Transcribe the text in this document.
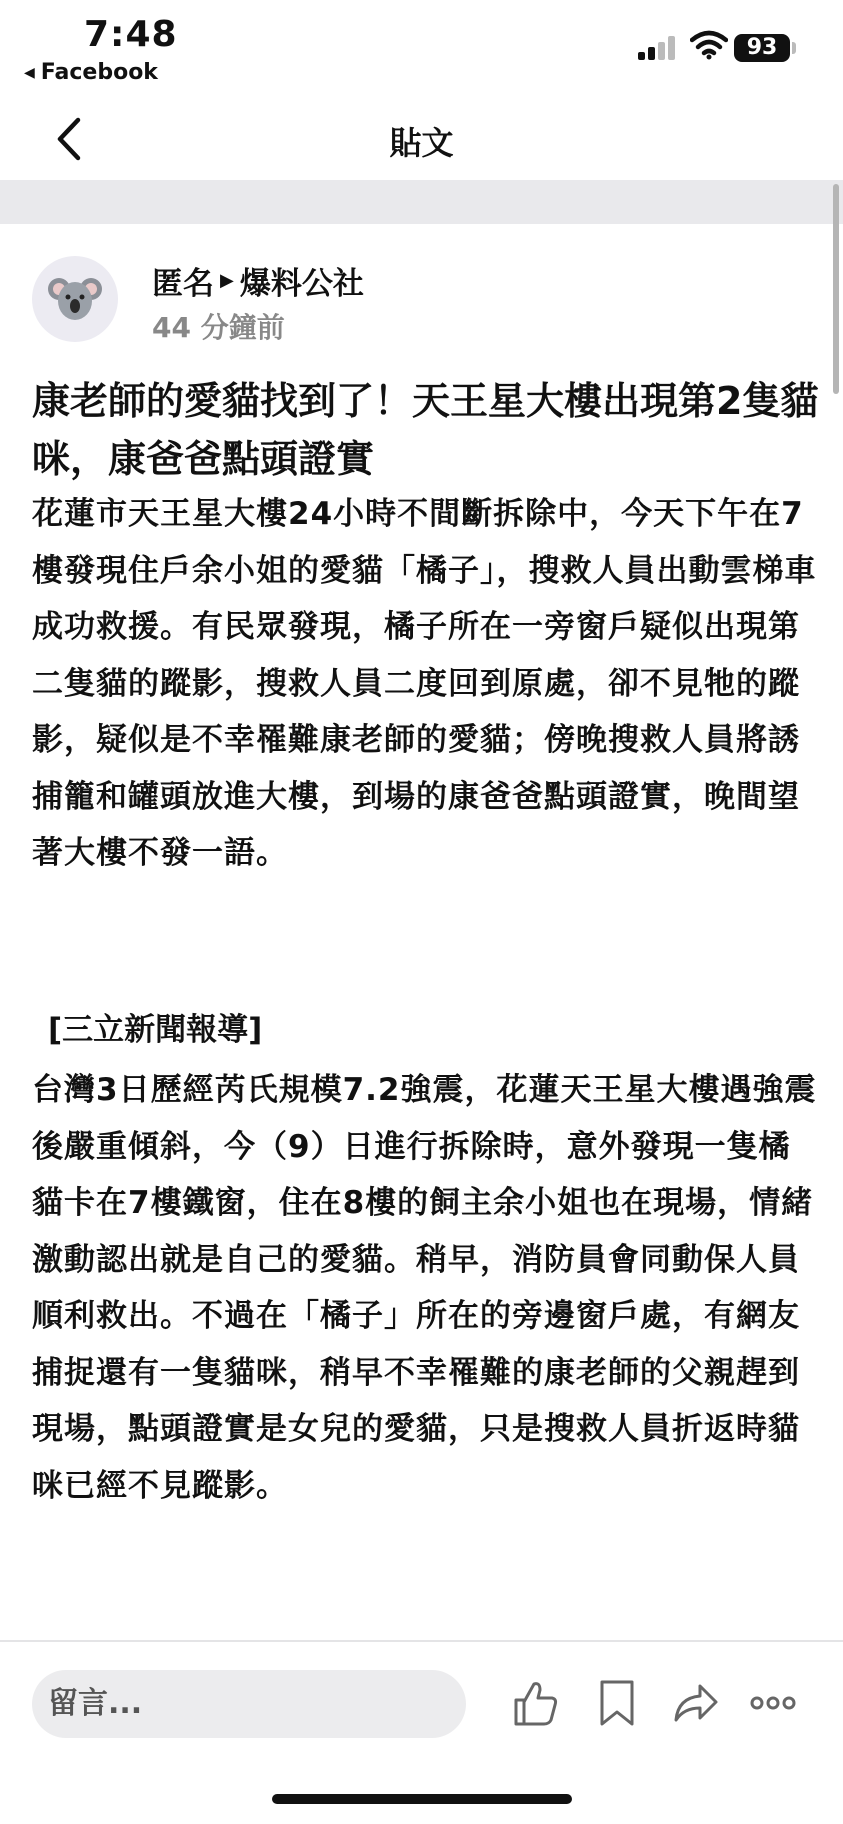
7:48
◀ Facebook
93
貼文
匿名 ▶ 爆料公社
44 分鐘前
康老師的愛貓找到了！天王星大樓出現第2隻貓咪，康爸爸點頭證實
花蓮市天王星大樓24小時不間斷拆除中，今天下午在7樓發現住戶余小姐的愛貓「橘子」，搜救人員出動雲梯車成功救援。有民眾發現，橘子所在一旁窗戶疑似出現第二隻貓的蹤影，搜救人員二度回到原處，卻不見牠的蹤影，疑似是不幸罹難康老師的愛貓；傍晚搜救人員將誘捕籠和罐頭放進大樓，到場的康爸爸點頭證實，晚間望著大樓不發一語。
[三立新聞報導]
台灣3日歷經芮氏規模7.2強震，花蓮天王星大樓遇強震後嚴重傾斜，今（9）日進行拆除時，意外發現一隻橘貓卡在7樓鐵窗，住在8樓的飼主余小姐也在現場，情緒激動認出就是自己的愛貓。稍早，消防員會同動保人員順利救出。不過在「橘子」所在的旁邊窗戶處，有網友捕捉還有一隻貓咪，稍早不幸罹難的康老師的父親趕到現場，點頭證實是女兒的愛貓，只是搜救人員折返時貓咪已經不見蹤影。
留言...
